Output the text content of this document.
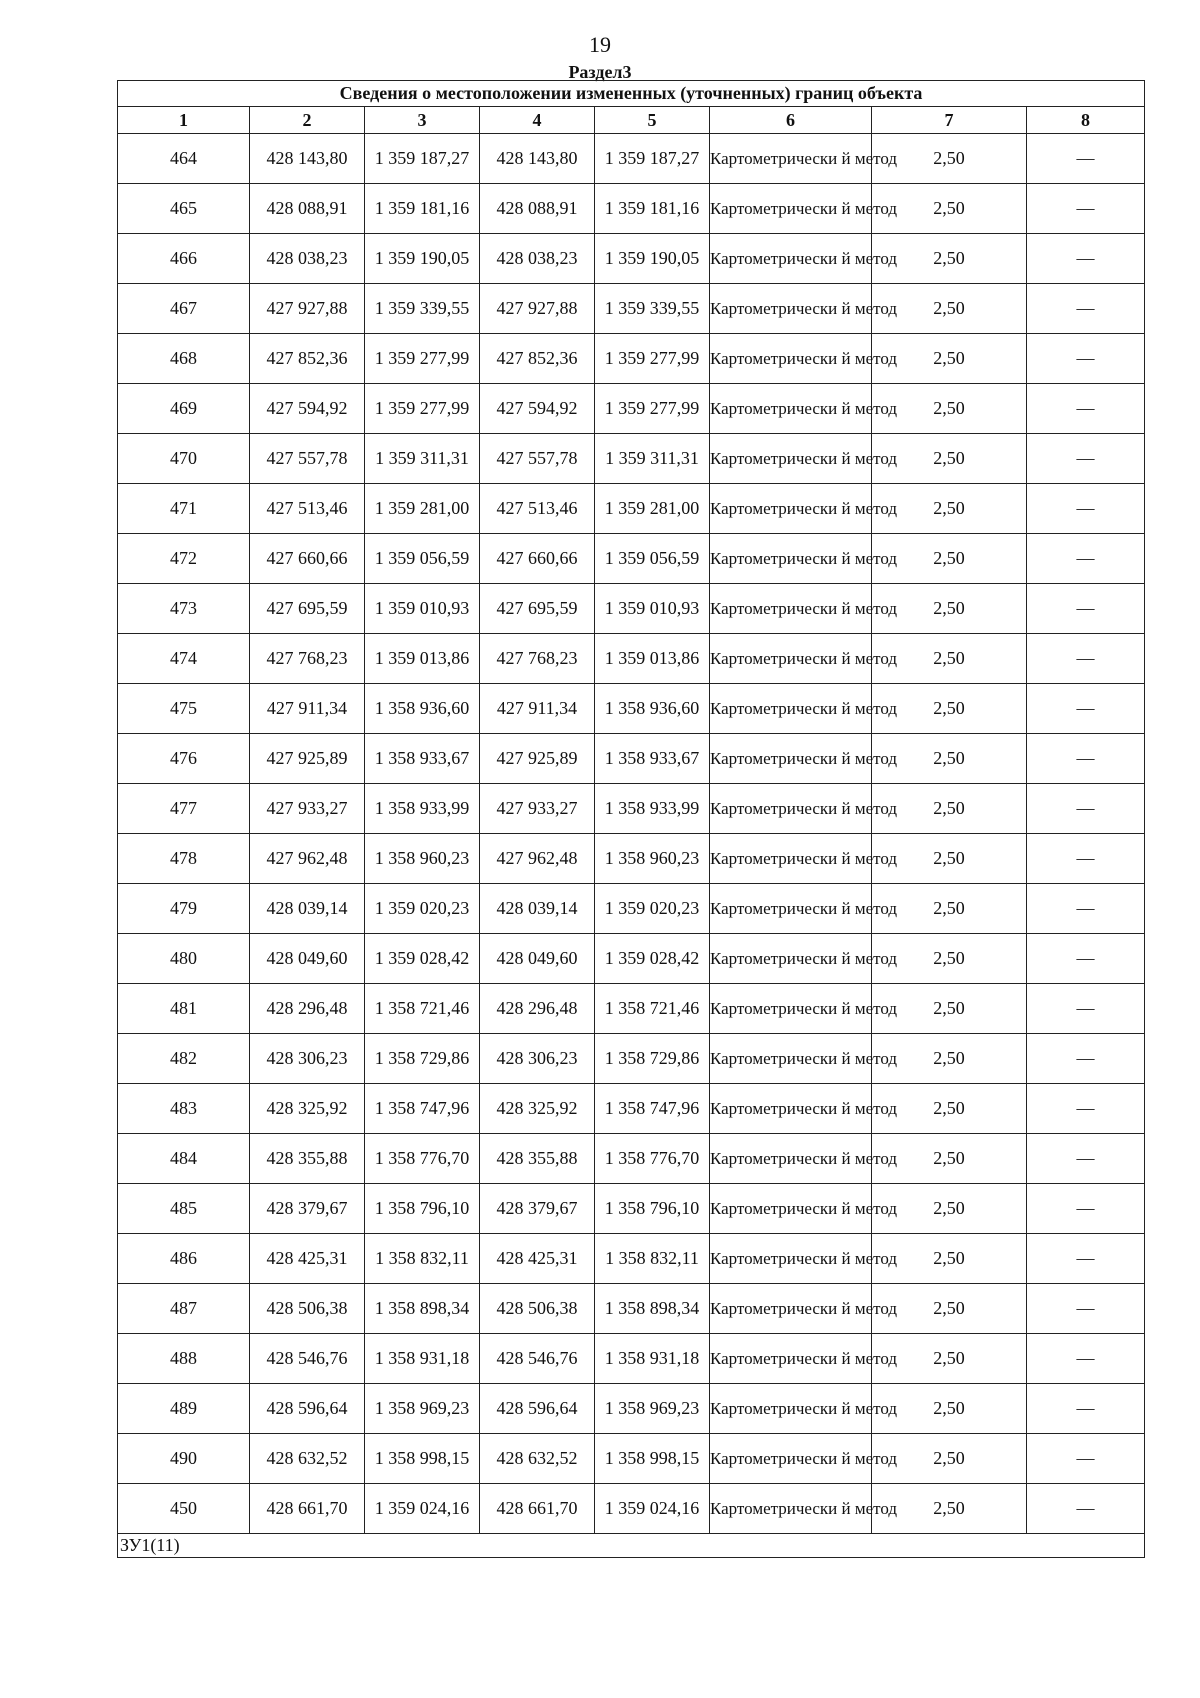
19
Раздел3
Сведения о местоположении измененных (уточненных) границ объекта							
1	2	3	4	5	6	7	8
464	428 143,80	1 359 187,27	428 143,80	1 359 187,27	Картометрически й метод	2,50	—
465	428 088,91	1 359 181,16	428 088,91	1 359 181,16	Картометрически й метод	2,50	—
466	428 038,23	1 359 190,05	428 038,23	1 359 190,05	Картометрически й метод	2,50	—
467	427 927,88	1 359 339,55	427 927,88	1 359 339,55	Картометрически й метод	2,50	—
468	427 852,36	1 359 277,99	427 852,36	1 359 277,99	Картометрически й метод	2,50	—
469	427 594,92	1 359 277,99	427 594,92	1 359 277,99	Картометрически й метод	2,50	—
470	427 557,78	1 359 311,31	427 557,78	1 359 311,31	Картометрически й метод	2,50	—
471	427 513,46	1 359 281,00	427 513,46	1 359 281,00	Картометрически й метод	2,50	—
472	427 660,66	1 359 056,59	427 660,66	1 359 056,59	Картометрически й метод	2,50	—
473	427 695,59	1 359 010,93	427 695,59	1 359 010,93	Картометрически й метод	2,50	—
474	427 768,23	1 359 013,86	427 768,23	1 359 013,86	Картометрически й метод	2,50	—
475	427 911,34	1 358 936,60	427 911,34	1 358 936,60	Картометрически й метод	2,50	—
476	427 925,89	1 358 933,67	427 925,89	1 358 933,67	Картометрически й метод	2,50	—
477	427 933,27	1 358 933,99	427 933,27	1 358 933,99	Картометрически й метод	2,50	—
478	427 962,48	1 358 960,23	427 962,48	1 358 960,23	Картометрически й метод	2,50	—
479	428 039,14	1 359 020,23	428 039,14	1 359 020,23	Картометрически й метод	2,50	—
480	428 049,60	1 359 028,42	428 049,60	1 359 028,42	Картометрически й метод	2,50	—
481	428 296,48	1 358 721,46	428 296,48	1 358 721,46	Картометрически й метод	2,50	—
482	428 306,23	1 358 729,86	428 306,23	1 358 729,86	Картометрически й метод	2,50	—
483	428 325,92	1 358 747,96	428 325,92	1 358 747,96	Картометрически й метод	2,50	—
484	428 355,88	1 358 776,70	428 355,88	1 358 776,70	Картометрически й метод	2,50	—
485	428 379,67	1 358 796,10	428 379,67	1 358 796,10	Картометрически й метод	2,50	—
486	428 425,31	1 358 832,11	428 425,31	1 358 832,11	Картометрически й метод	2,50	—
487	428 506,38	1 358 898,34	428 506,38	1 358 898,34	Картометрически й метод	2,50	—
488	428 546,76	1 358 931,18	428 546,76	1 358 931,18	Картометрически й метод	2,50	—
489	428 596,64	1 358 969,23	428 596,64	1 358 969,23	Картометрически й метод	2,50	—
490	428 632,52	1 358 998,15	428 632,52	1 358 998,15	Картометрически й метод	2,50	—
450	428 661,70	1 359 024,16	428 661,70	1 359 024,16	Картометрически й метод	2,50	—
ЗУ1(11)							
